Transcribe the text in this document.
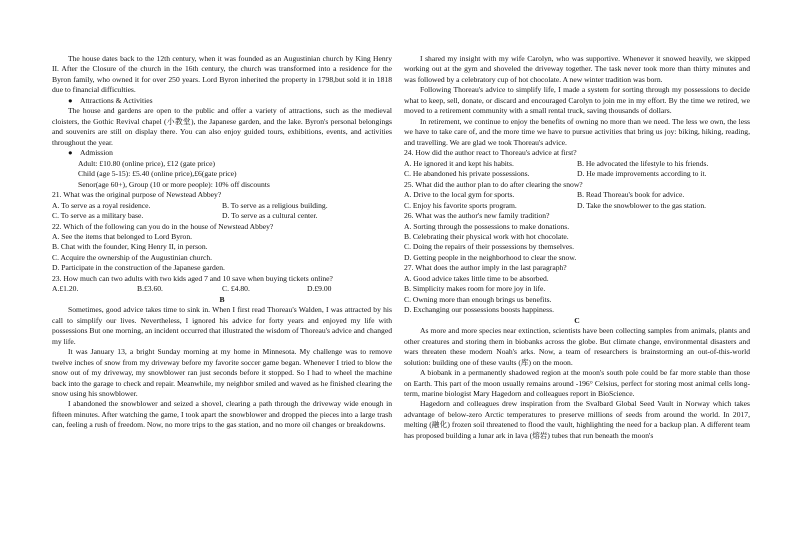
The house dates back to the 12th century, when it was founded as an Augustinian church by King Henry II. After the Closure of the church in the 16th century, the church was transformed into a residence for the Byron family, who owned it for over 250 years. Lord Byron inherited the property in 1798,but sold it in 1818 due to financial difficulties.

● Attractions & Activities

The house and gardens are open to the public and offer a variety of attractions, such as the medieval cloisters, the Gothic Revival chapel (小教堂), the Japanese garden, and the lake. Byron's personal belongings and souvenirs are still on display there. You can also enjoy guided tours, exhibitions, events, and activities throughout the year.

● Admission

Adult: £10.80 (online price), £12 (gate price)

Child (age 5-15): £5.40 (online price),£6(gate price)

Senor(age 60+), Group (10 or more people): 10% off discounts

21. What was the original purpose of Newstead Abbey?

A. To serve as a royal residence.	B. To serve as a religious building.
C. To serve as a military base.	D. To serve as a cultural center.

22. Which of the following can you do in the house of Newstead Abbey?

A. See the items that belonged to Lord Byron.

B. Chat with the founder, King Henry II, in person.

C. Acquire the ownership of the Augustinian church.

D. Participate in the construction of the Japanese garden.

23. How much can two adults with two kids aged 7 and 10 save when buying tickets online?

A.£1.20.	B.£3.60.	C. £4.80.	D.£9.00

B

Sometimes, good advice takes time to sink in. When I first read Thoreau's Walden, I was attracted by his call to simplify our lives. Nevertheless, I ignored his advice for forty years and enjoyed my life with possessions But one morning, an incident occurred that illustrated the wisdom of Thoreau's advice and changed my life.

It was January 13, a bright Sunday morning at my home in Minnesota. My challenge was to remove twelve inches of snow from my driveway before my favorite soccer game began. Whenever I tried to blow the snow out of my driveway, my snowblower ran just seconds before it stopped. So I had to wheel the machine back into the garage to check and repair. Meanwhile, my neighbor smiled and waved as he finished clearing the snow using his snowblower.

I abandoned the snowblower and seized a shovel, clearing a path through the driveway wide enough in fifteen minutes. After watching the game, I took apart the snowblower and dropped the pieces into a large trash can, feeling a rush of freedom. Now, no more trips to the gas station, and no more oil changes or breakdowns.

I shared my insight with my wife Carolyn, who was supportive. Whenever it snowed heavily, we skipped working out at the gym and shoveled the driveway together. The task never took more than thirty minutes and was followed by a celebratory cup of hot chocolate. A new winter tradition was born.

Following Thoreau's advice to simplify life, I made a system for sorting through my possessions to decide what to keep, sell, donate, or discard and encouraged Carolyn to join me in my effort. By the time we retired, we moved to a retirement community with a small rental truck, saving thousands of dollars.

In retirement, we continue to enjoy the benefits of owning no more than we need. The less we own, the less we have to take care of, and the more time we have to pursue activities that bring us joy: biking, hiking, reading, and travelling. We are glad we took Thoreau's advice.

24. How did the author react to Thoreau's advice at first?

A. He ignored it and kept his habits.	B. He advocated the lifestyle to his friends.
C. He abandoned his private possessions.	D. He made improvements according to it.

25. What did the author plan to do after clearing the snow?

A. Drive to the local gym for sports.	B. Read Thoreau's book for advice.
C. Enjoy his favorite sports program.	D. Take the snowblower to the gas station.

26. What was the author's new family tradition?

A. Sorting through the possessions to make donations.

B. Celebrating their physical work with hot chocolate.

C. Doing the repairs of their possessions by themselves.

D. Getting people in the neighborhood to clear the snow.

27. What does the author imply in the last paragraph?

A. Good advice takes little time to be absorbed.

B. Simplicity makes room for more joy in life.

C. Owning more than enough brings us benefits.

D. Exchanging our possessions boosts happiness.

C

As more and more species near extinction, scientists have been collecting samples from animals, plants and other creatures and storing them in biobanks across the globe. But climate change, environmental disasters and wars threaten these modern Noah's arks. Now, a team of researchers is brainstorming an out-of-this-world solution: building one of these vaults (库) on the moon.

A biobank in a permanently shadowed region at the moon's south pole could be far more stable than those on Earth. This part of the moon usually remains around -196° Celsius, perfect for storing most animal cells long-term, marine biologist Mary Hagedorn and colleagues report in BioScience.

Hagedorn and colleagues drew inspiration from the Svalbard Global Seed Vault in Norway which takes advantage of below-zero Arctic temperatures to preserve millions of seeds from around the world. In 2017, melting (融化) frozen soil threatened to flood the vault, highlighting the need for a backup plan. A different team has proposed building a lunar ark in lava (熔岩) tubes that run beneath the moon's
